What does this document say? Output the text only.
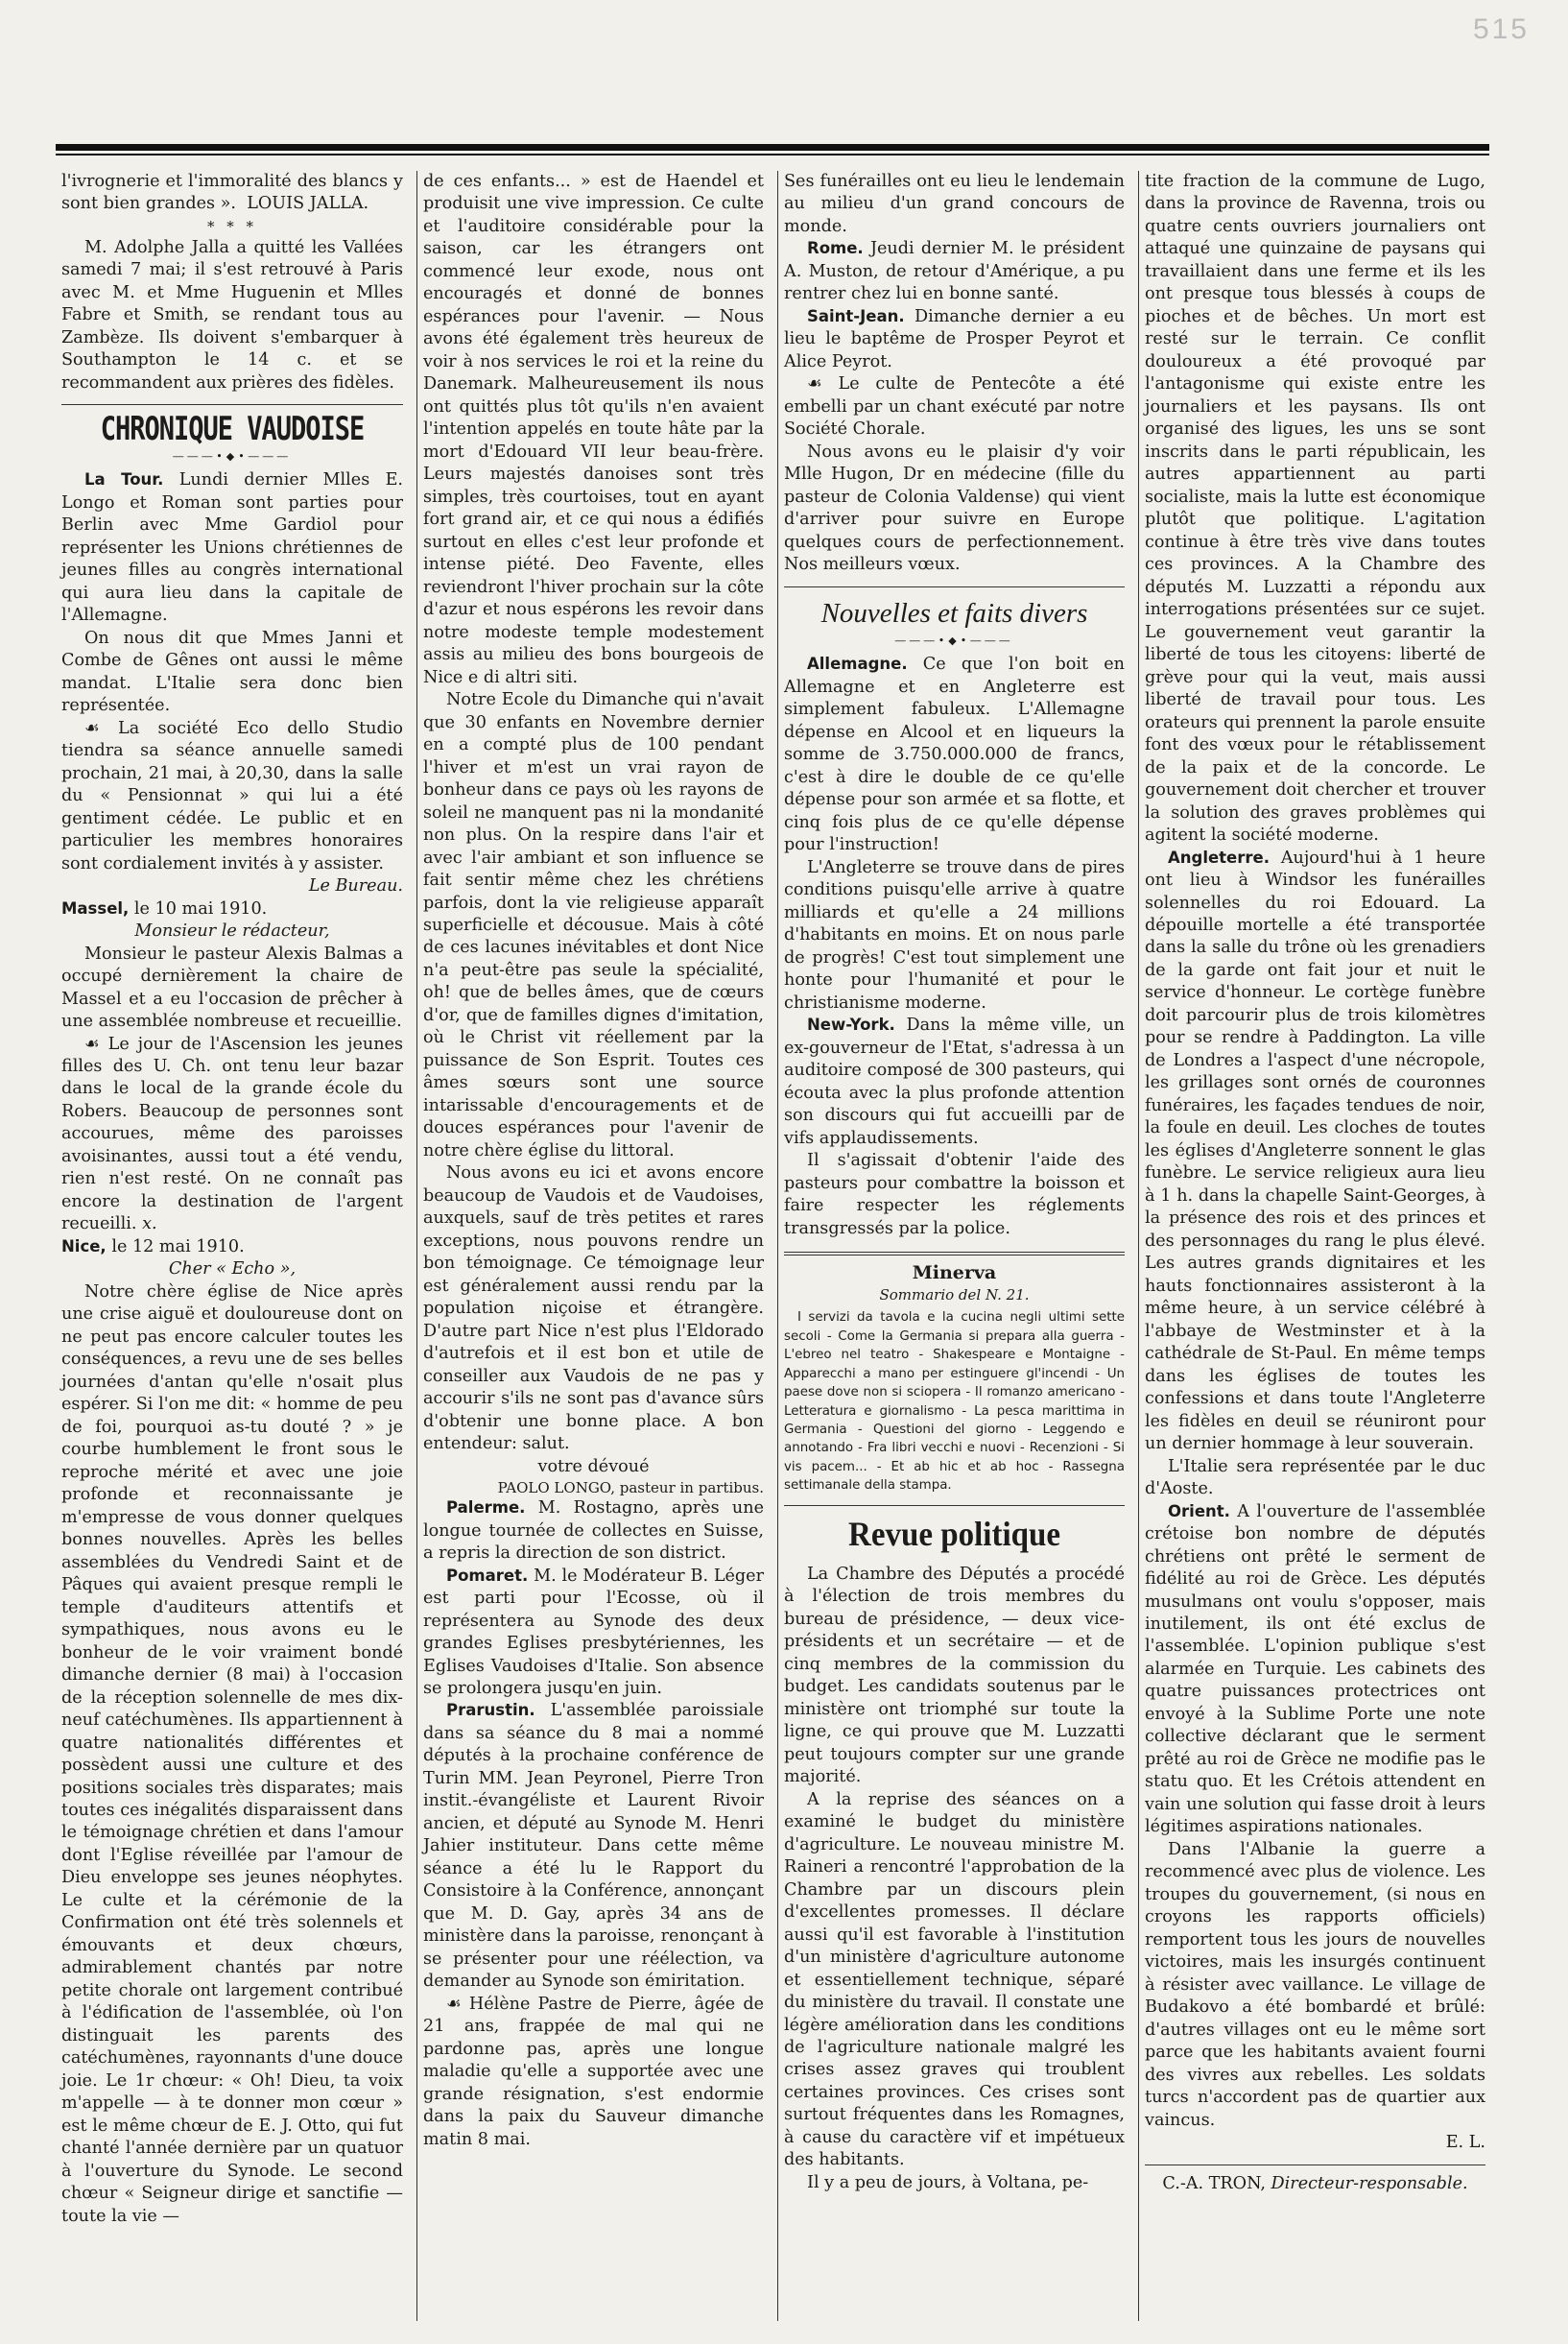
515

l'ivrognerie et l'immoralité des blancs y sont bien grandes ». LOUIS JALLA.

* * *

M. Adolphe Jalla a quitté les Vallées samedi 7 mai; il s'est retrouvé à Paris avec M. et Mme Huguenin et Mlles Fabre et Smith, se rendant tous au Zambèze. Ils doivent s'embarquer à Southampton le 14 c. et se recommandent aux prières des fidèles.

CHRONIQUE VAUDOISE
―――•◆•―――

La Tour. Lundi dernier Mlles E. Longo et Roman sont parties pour Berlin avec Mme Gardiol pour représenter les Unions chrétiennes de jeunes filles au congrès international qui aura lieu dans la capitale de l'Allemagne.

On nous dit que Mmes Janni et Combe de Gênes ont aussi le même mandat. L'Italie sera donc bien représentée.

☙ La société Eco dello Studio tiendra sa séance annuelle samedi prochain, 21 mai, à 20,30, dans la salle du « Pensionnat » qui lui a été gentiment cédée. Le public et en particulier les membres honoraires sont cordialement invités à y assister.

Le Bureau.

Massel, le 10 mai 1910.

Monsieur le rédacteur,

Monsieur le pasteur Alexis Balmas a occupé dernièrement la chaire de Massel et a eu l'occasion de prêcher à une assemblée nombreuse et recueillie.

☙ Le jour de l'Ascension les jeunes filles des U. Ch. ont tenu leur bazar dans le local de la grande école du Robers. Beaucoup de personnes sont accourues, même des paroisses avoisinantes, aussi tout a été vendu, rien n'est resté. On ne connaît pas encore la destination de l'argent recueilli. x.

Nice, le 12 mai 1910.

Cher « Echo »,

Notre chère église de Nice après une crise aiguë et douloureuse dont on ne peut pas encore calculer toutes les conséquences, a revu une de ses belles journées d'antan qu'elle n'osait plus espérer. Si l'on me dit: « homme de peu de foi, pourquoi as-tu douté ? » je courbe humblement le front sous le reproche mérité et avec une joie profonde et reconnaissante je m'empresse de vous donner quelques bonnes nouvelles. Après les belles assemblées du Vendredi Saint et de Pâques qui avaient presque rempli le temple d'auditeurs attentifs et sympathiques, nous avons eu le bonheur de le voir vraiment bondé dimanche dernier (8 mai) à l'occasion de la réception solennelle de mes dix-neuf catéchumènes. Ils appartiennent à quatre nationalités différentes et possèdent aussi une culture et des positions sociales très disparates; mais toutes ces inégalités disparaissent dans le témoignage chrétien et dans l'amour dont l'Eglise réveillée par l'amour de Dieu enveloppe ses jeunes néophytes. Le culte et la cérémonie de la Confirmation ont été très solennels et émouvants et deux chœurs, admirablement chantés par notre petite chorale ont largement contribué à l'édification de l'assemblée, où l'on distinguait les parents des catéchumènes, rayonnants d'une douce joie. Le 1r chœur: « Oh! Dieu, ta voix m'appelle — à te donner mon cœur » est le même chœur de E. J. Otto, qui fut chanté l'année dernière par un quatuor à l'ouverture du Synode. Le second chœur « Seigneur dirige et sanctifie — toute la vie —

de ces enfants... » est de Haendel et produisit une vive impression. Ce culte et l'auditoire considérable pour la saison, car les étrangers ont commencé leur exode, nous ont encouragés et donné de bonnes espérances pour l'avenir. — Nous avons été également très heureux de voir à nos services le roi et la reine du Danemark. Malheureusement ils nous ont quittés plus tôt qu'ils n'en avaient l'intention appelés en toute hâte par la mort d'Edouard VII leur beau-frère. Leurs majestés danoises sont très simples, très courtoises, tout en ayant fort grand air, et ce qui nous a édifiés surtout en elles c'est leur profonde et intense piété. Deo Favente, elles reviendront l'hiver prochain sur la côte d'azur et nous espérons les revoir dans notre modeste temple modestement assis au milieu des bons bourgeois de Nice e di altri siti.

Notre Ecole du Dimanche qui n'avait que 30 enfants en Novembre dernier en a compté plus de 100 pendant l'hiver et m'est un vrai rayon de bonheur dans ce pays où les rayons de soleil ne manquent pas ni la mondanité non plus. On la respire dans l'air et avec l'air ambiant et son influence se fait sentir même chez les chrétiens parfois, dont la vie religieuse apparaît superficielle et décousue. Mais à côté de ces lacunes inévitables et dont Nice n'a peut-être pas seule la spécialité, oh! que de belles âmes, que de cœurs d'or, que de familles dignes d'imitation, où le Christ vit réellement par la puissance de Son Esprit. Toutes ces âmes sœurs sont une source intarissable d'encouragements et de douces espérances pour l'avenir de notre chère église du littoral.

Nous avons eu ici et avons encore beaucoup de Vaudois et de Vaudoises, auxquels, sauf de très petites et rares exceptions, nous pouvons rendre un bon témoignage. Ce témoignage leur est généralement aussi rendu par la population niçoise et étrangère. D'autre part Nice n'est plus l'Eldorado d'autrefois et il est bon et utile de conseiller aux Vaudois de ne pas y accourir s'ils ne sont pas d'avance sûrs d'obtenir une bonne place. A bon entendeur: salut.

votre dévoué
PAOLO LONGO, pasteur in partibus.

Palerme. M. Rostagno, après une longue tournée de collectes en Suisse, a repris la direction de son district.

Pomaret. M. le Modérateur B. Léger est parti pour l'Ecosse, où il représentera au Synode des deux grandes Eglises presbytériennes, les Eglises Vaudoises d'Italie. Son absence se prolongera jusqu'en juin.

Prarustin. L'assemblée paroissiale dans sa séance du 8 mai a nommé députés à la prochaine conférence de Turin MM. Jean Peyronel, Pierre Tron instit.-évangéliste et Laurent Rivoir ancien, et député au Synode M. Henri Jahier instituteur. Dans cette même séance a été lu le Rapport du Consistoire à la Conférence, annonçant que M. D. Gay, après 34 ans de ministère dans la paroisse, renonçant à se présenter pour une réélection, va demander au Synode son émiritation.

☙ Hélène Pastre de Pierre, âgée de 21 ans, frappée de mal qui ne pardonne pas, après une longue maladie qu'elle a supportée avec une grande résignation, s'est endormie dans la paix du Sauveur dimanche matin 8 mai.

Ses funérailles ont eu lieu le lendemain au milieu d'un grand concours de monde.

Rome. Jeudi dernier M. le président A. Muston, de retour d'Amérique, a pu rentrer chez lui en bonne santé.

Saint-Jean. Dimanche dernier a eu lieu le baptême de Prosper Peyrot et Alice Peyrot.

☙ Le culte de Pentecôte a été embelli par un chant exécuté par notre Société Chorale.

Nous avons eu le plaisir d'y voir Mlle Hugon, Dr en médecine (fille du pasteur de Colonia Valdense) qui vient d'arriver pour suivre en Europe quelques cours de perfectionnement. Nos meilleurs vœux.

Nouvelles et faits divers
―――•◆•―――

Allemagne. Ce que l'on boit en Allemagne et en Angleterre est simplement fabuleux. L'Allemagne dépense en Alcool et en liqueurs la somme de 3.750.000.000 de francs, c'est à dire le double de ce qu'elle dépense pour son armée et sa flotte, et cinq fois plus de ce qu'elle dépense pour l'instruction!

L'Angleterre se trouve dans de pires conditions puisqu'elle arrive à quatre milliards et qu'elle a 24 millions d'habitants en moins. Et on nous parle de progrès! C'est tout simplement une honte pour l'humanité et pour le christianisme moderne.

New-York. Dans la même ville, un ex-gouverneur de l'Etat, s'adressa à un auditoire composé de 300 pasteurs, qui écouta avec la plus profonde attention son discours qui fut accueilli par de vifs applaudissements.

Il s'agissait d'obtenir l'aide des pasteurs pour combattre la boisson et faire respecter les réglements transgressés par la police.

Minerva
Sommario del N. 21.
I servizi da tavola e la cucina negli ultimi sette secoli - Come la Germania si prepara alla guerra - L'ebreo nel teatro - Shakespeare e Montaigne - Apparecchi a mano per estinguere gl'incendi - Un paese dove non si sciopera - Il romanzo americano - Letteratura e giornalismo - La pesca marittima in Germania - Questioni del giorno - Leggendo e annotando - Fra libri vecchi e nuovi - Recenzioni - Si vis pacem... - Et ab hic et ab hoc - Rassegna settimanale della stampa.
Revue politique

La Chambre des Députés a procédé à l'élection de trois membres du bureau de présidence, — deux vice-présidents et un secrétaire — et de cinq membres de la commission du budget. Les candidats soutenus par le ministère ont triomphé sur toute la ligne, ce qui prouve que M. Luzzatti peut toujours compter sur une grande majorité.

A la reprise des séances on a examiné le budget du ministère d'agriculture. Le nouveau ministre M. Raineri a rencontré l'approbation de la Chambre par un discours plein d'excellentes promesses. Il déclare aussi qu'il est favorable à l'institution d'un ministère d'agriculture autonome et essentiellement technique, séparé du ministère du travail. Il constate une légère amélioration dans les conditions de l'agriculture nationale malgré les crises assez graves qui troublent certaines provinces. Ces crises sont surtout fréquentes dans les Romagnes, à cause du caractère vif et impétueux des habitants.

Il y a peu de jours, à Voltana, pe-

tite fraction de la commune de Lugo, dans la province de Ravenna, trois ou quatre cents ouvriers journaliers ont attaqué une quinzaine de paysans qui travaillaient dans une ferme et ils les ont presque tous blessés à coups de pioches et de bêches. Un mort est resté sur le terrain. Ce conflit douloureux a été provoqué par l'antagonisme qui existe entre les journaliers et les paysans. Ils ont organisé des ligues, les uns se sont inscrits dans le parti républicain, les autres appartiennent au parti socialiste, mais la lutte est économique plutôt que politique. L'agitation continue à être très vive dans toutes ces provinces. A la Chambre des députés M. Luzzatti a répondu aux interrogations présentées sur ce sujet. Le gouvernement veut garantir la liberté de tous les citoyens: liberté de grève pour qui la veut, mais aussi liberté de travail pour tous. Les orateurs qui prennent la parole ensuite font des vœux pour le rétablissement de la paix et de la concorde. Le gouvernement doit chercher et trouver la solution des graves problèmes qui agitent la société moderne.

Angleterre. Aujourd'hui à 1 heure ont lieu à Windsor les funérailles solennelles du roi Edouard. La dépouille mortelle a été transportée dans la salle du trône où les grenadiers de la garde ont fait jour et nuit le service d'honneur. Le cortège funèbre doit parcourir plus de trois kilomètres pour se rendre à Paddington. La ville de Londres a l'aspect d'une nécropole, les grillages sont ornés de couronnes funéraires, les façades tendues de noir, la foule en deuil. Les cloches de toutes les églises d'Angleterre sonnent le glas funèbre. Le service religieux aura lieu à 1 h. dans la chapelle Saint-Georges, à la présence des rois et des princes et des personnages du rang le plus élevé. Les autres grands dignitaires et les hauts fonctionnaires assisteront à la même heure, à un service célébré à l'abbaye de Westminster et à la cathédrale de St-Paul. En même temps dans les églises de toutes les confessions et dans toute l'Angleterre les fidèles en deuil se réuniront pour un dernier hommage à leur souverain.

L'Italie sera représentée par le duc d'Aoste.

Orient. A l'ouverture de l'assemblée crétoise bon nombre de députés chrétiens ont prêté le serment de fidélité au roi de Grèce. Les députés musulmans ont voulu s'opposer, mais inutilement, ils ont été exclus de l'assemblée. L'opinion publique s'est alarmée en Turquie. Les cabinets des quatre puissances protectrices ont envoyé à la Sublime Porte une note collective déclarant que le serment prêté au roi de Grèce ne modifie pas le statu quo. Et les Crétois attendent en vain une solution qui fasse droit à leurs légitimes aspirations nationales.

Dans l'Albanie la guerre a recommencé avec plus de violence. Les troupes du gouvernement, (si nous en croyons les rapports officiels) remportent tous les jours de nouvelles victoires, mais les insurgés continuent à résister avec vaillance. Le village de Budakovo a été bombardé et brûlé: d'autres villages ont eu le même sort parce que les habitants avaient fourni des vivres aux rebelles. Les soldats turcs n'accordent pas de quartier aux vaincus.

E. L.
C.-A. TRON, Directeur-responsable.
